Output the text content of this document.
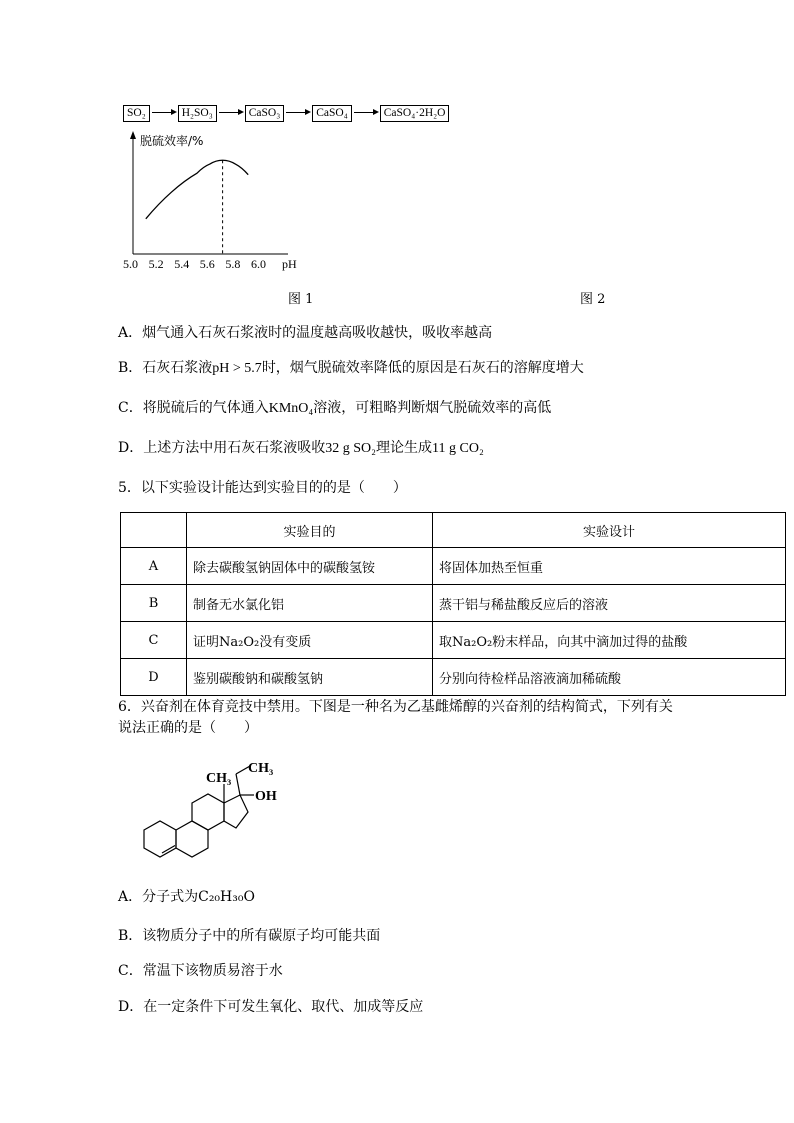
SO₂	H₂SO₃	CaSO₃	CaSO₄	CaSO₄·2H₂O
脱硫效率/%
pH
5.0 5.2 5.4 5.6 5.8 6.0
图 1	图 2
A．烟气通入石灰石浆液时的温度越高吸收越快，吸收率越高
B．石灰石浆液pH > 5.7时，烟气脱硫效率降低的原因是石灰石的溶解度增大
C．将脱硫后的气体通入KMnO₄溶液，可粗略判断烟气脱硫效率的高低
D．上述方法中用石灰石浆液吸收32 g SO₂理论生成11 g CO₂
5．以下实验设计能达到实验目的的是（　　）
	实验目的	实验设计
A	除去碳酸氢钠固体中的碳酸氢铵	将固体加热至恒重
B	制备无水氯化铝	蒸干铝与稀盐酸反应后的溶液
C	证明Na₂O₂没有变质	取Na₂O₂粉末样品，向其中滴加过得的盐酸
D	鉴别碳酸钠和碳酸氢钠	分别向待检样品溶液滴加稀硫酸
6．兴奋剂在体育竞技中禁用。下图是一种名为乙基雌烯醇的兴奋剂的结构简式，下列有关
说法正确的是（　　）
CH₃
CH₃
OH
A．分子式为C₂₀H₃₀O
B．该物质分子中的所有碳原子均可能共面
C．常温下该物质易溶于水
D．在一定条件下可发生氧化、取代、加成等反应
